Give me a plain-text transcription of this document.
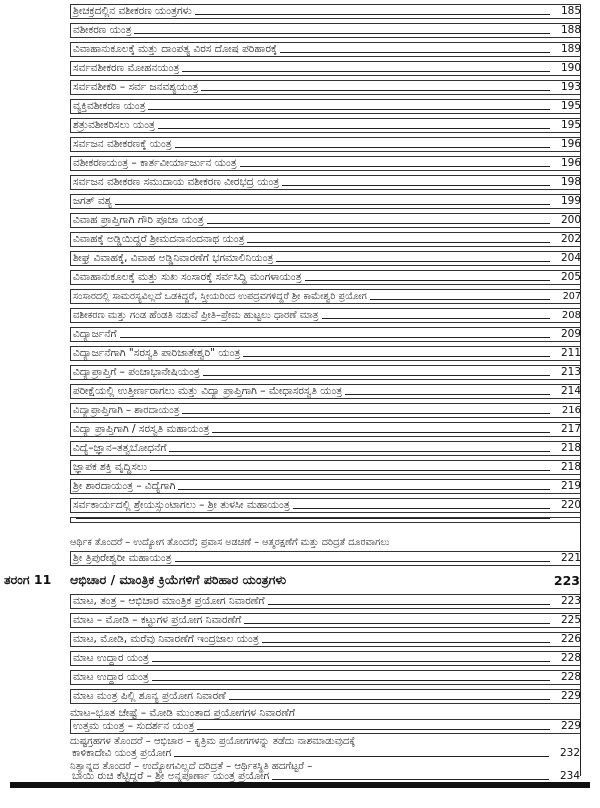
ಶ್ರೀಚಕ್ರದಲ್ಲಿನ ವಶೀಕರಣ ಯಂತ್ರಗಳು	185
ವಶೀಕರಣ ಯಂತ್ರ	188
ವಿವಾಹಾನುಕೂಲಕ್ಕೆ ಮತ್ತು ದಾಂಪತ್ಯ ವಿರಸ ದೋಷ ಪರಿಹಾರಕ್ಕೆ	189
ಸರ್ವವಶೀಕರಣ ಮೋಹನಯಂತ್ರ	190
ಸರ್ವವಶೀಕರಿ – ಸರ್ವ ಜನವಶ್ಯಯಂತ್ರ	193
ವ್ಯಕ್ತಿವಶೀಕರಣ ಯಂತ್ರ	195
ಶತ್ರುವಶೀಕರಿಸಲು ಯಂತ್ರ	195
ಸರ್ವಜನ ವಶೀಕರಣಕ್ಕೆ ಯಂತ್ರ	196
ವಶೀಕರಣಯಂತ್ರ – ಕಾರ್ತವೀರ್ಯಾರ್ಜುನ ಯಂತ್ರ	196
ಸರ್ವಜನ ವಶೀಕರಣ ಸಮುದಾಯ ವಶೀಕರಣ ವೀರಭದ್ರ ಯಂತ್ರ	198
ಜಗತ್ ವಶ್ಯ	199
ವಿವಾಹ ಪ್ರಾಪ್ತಿಗಾಗಿ ಗೌರಿ ಪೂಜಾ ಯಂತ್ರ	200
ವಿವಾಹಕ್ಕೆ ಅಡ್ಡಿಯಿದ್ದರೆ ಶ್ರೀಮದನಾನಂದನಾಥ ಯಂತ್ರ	202
ಶೀಘ್ರ ವಿವಾಹಕ್ಕೆ, ವಿವಾಹ ಅಡ್ಡಿನಿವಾರಣೆಗೆ ಭಗಮಾಲಿನಿಯಂತ್ರ	204
ವಿವಾಹಾನುಕೂಲಕ್ಕೆ ಮತ್ತು ಸುಖ ಸಂಸಾರಕ್ಕೆ ಸರ್ವಸಿದ್ಧಿ ಮಂಗಳಾಯಂತ್ರ	205
ಸಂಸಾರದಲ್ಲಿ ಸಾಮರಸ್ಯವಿಲ್ಲದೆ ಒಡಕಿದ್ದರೆ, ಸ್ತ್ರೀಯರಿಂದ ಉಪದ್ರವಗಳಿದ್ದರೆ ಶ್ರೀ ಕಾಮೇಶ್ವರಿ ಪ್ರಯೋಗ	207
ವಶೀಕರಣ ಮತ್ತು ಗಂಡ ಹೆಂಡತಿ ನಡುವೆ ಪ್ರೀತಿ–ಪ್ರೇಮ ಹುಟ್ಟಲು ಧಾರಣೆ ಮಾತ್ರ	208
ವಿದ್ಯಾರ್ಜನೆಗೆ	209
ವಿದ್ಯಾರ್ಜನೆಗಾಗಿ "ಸರಸ್ವತಿ ಪಾರಿಜಾತೇಶ್ವರಿ" ಯಂತ್ರ	211
ವಿದ್ಯಾಪ್ರಾಪ್ತಿಗೆ – ಪಂಚಾಭಾನೇಷಿಯಂತ್ರ	213
ಪರೀಕ್ಷೆಯಲ್ಲಿ ಉತ್ತೀರ್ಣರಾಗಲು ಮತ್ತು ವಿದ್ಯಾ ಪ್ರಾಪ್ತಿಗಾಗಿ – ಮೇಧಾಸರಸ್ವತಿ ಯಂತ್ರ	214
ವಿದ್ಯಾಪ್ರಾಪ್ತಿಗಾಗಿ – ಶಾರದಾಯಂತ್ರ	216
ವಿದ್ಯಾ ಪ್ರಾಪ್ತಿಗಾಗಿ / ಸರಸ್ವತಿ ಮಹಾಯಂತ್ರ	217
ವಿದ್ಯೆ–ಜ್ಞಾನ–ತತ್ವಬೋಧನೆಗೆ	218
ಜ್ಞಾಪಕ ಶಕ್ತಿ ವೃದ್ಧಿಸಲು	218
ಶ್ರೀ ಶಾರದಾಯಂತ್ರ – ವಿದ್ಯೆಗಾಗಿ	219
ಸರ್ವಕಾರ್ಯದಲ್ಲಿ ಶ್ರೇಯಸ್ಸುಂಟಾಗಲು – ಶ್ರೀ ತುಳಸೀ ಮಹಾಯಂತ್ರ	220
ಆರ್ಥಿಕ ತೊಂದರೆ – ಉದ್ಯೋಗ ತೊಂದರೆ; ಪ್ರವಾಸ ಅಡಚಣೆ – ಆತ್ಮರಕ್ಷಣೆಗೆ ಮತ್ತು ದರಿದ್ರತೆ ದೂರವಾಗಲು
ಶ್ರೀ ತ್ರಿಪುರೇಶ್ವರೀ ಮಹಾಯಂತ್ರ	221
ತರಂಗ 11	ಆಭಿಚಾರ / ಮಾಂತ್ರಿಕ ಕ್ರಿಯೆಗಳಿಗೆ ಪರಿಹಾರ ಯಂತ್ರಗಳು	223
ಮಾಟ, ತಂತ್ರ – ಆಭಿಚಾರ ಮಾಂತ್ರಿಕ ಪ್ರಯೋಗ ನಿವಾರಣೆಗೆ	223
ಮಾಟ – ಮೋಡಿ – ಕಟ್ಟುಗಳ ಪ್ರಯೋಗ ನಿವಾರಣೆಗೆ	225
ಮಾಟ, ಮೋಡಿ, ಮರೆವು ನಿವಾರಣೆಗೆ ಇಂದ್ರಜಾಲ ಯಂತ್ರ	226
ಮಾಟ ಉದ್ಧಾರ ಯಂತ್ರ	228
ಮಾಟ ಉದ್ಧಾರ ಯಂತ್ರ	228
ಮಾಟ ಮಂತ್ರ ಪಿಲ್ಲಿ ಶೂನ್ಯ ಪ್ರಯೋಗ ನಿವಾರಣೆ	229
ಮಾಟ–ಭೂತ ಚೇಷ್ಟೆ – ಮೋಡಿ ಮುಂತಾದ ಪ್ರಯೋಗಗಳ ನಿವಾರಣೆಗೆ
ಉತ್ತಮ ಯಂತ್ರ – ಸುದರ್ಶನ ಯಂತ್ರ	229
ದುಷ್ಟಗ್ರಹಗಳ ತೊಂದರೆ – ಆಭಿಚಾರ – ಕೃತ್ರಿಮ ಪ್ರಯೋಗಗಳನ್ನು ತಡೆದು ನಾಶಮಾಡುವುದಕ್ಕೆ
ಕಾಳಿಕಾದೇವಿ ಯಂತ್ರ ಪ್ರಯೋಗ	232
ನಿತ್ಯಾನ್ನದ ತೊಂದರೆ – ಉದ್ಯೋಗವಿಲ್ಲದೆ ದರಿದ್ರತೆ – ಆರ್ಥಿಕಸ್ಥಿತಿ ಹದಗೆಟ್ಟರೆ –
ಬಾಯಿ ರುಚಿ ಕೆಟ್ಟಿದ್ದರೆ – ಶ್ರೀ ಅನ್ನಪೂರ್ಣಾ ಯಂತ್ರ ಪ್ರಯೋಗ	234
